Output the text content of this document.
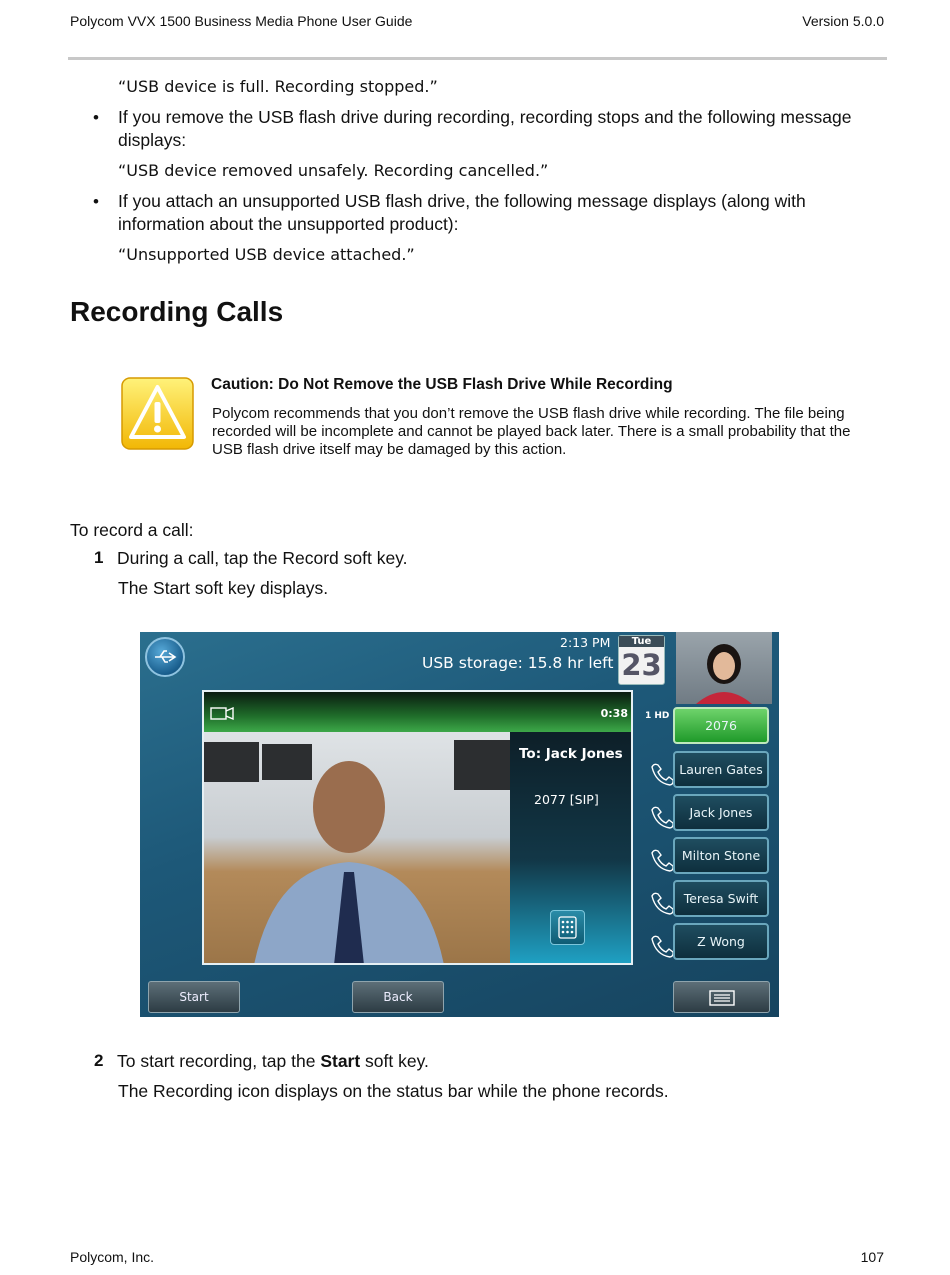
Polycom VVX 1500 Business Media Phone User Guide	Version 5.0.0
“USB device is full. Recording stopped.”
• If you remove the USB flash drive during recording, recording stops and the following message displays:
“USB device removed unsafely. Recording cancelled.”
• If you attach an unsupported USB flash drive, the following message displays (along with information about the unsupported product):
“Unsupported USB device attached.”
Recording Calls
Caution: Do Not Remove the USB Flash Drive While Recording
Polycom recommends that you don’t remove the USB flash drive while recording. The file being recorded will be incomplete and cannot be played back later. There is a small probability that the USB flash drive itself may be damaged by this action.
To record a call:
1 During a call, tap the Record soft key.
The Start soft key displays.
2:13 PM
USB storage: 15.8 hr left
Tue
23
0:38
To: Jack Jones
2077 [SIP]
1 HD
2076
Lauren Gates
Jack Jones
Milton Stone
Teresa Swift
Z Wong
Start	Back
2 To start recording, tap the Start soft key.
The Recording icon displays on the status bar while the phone records.
Polycom, Inc.	107
